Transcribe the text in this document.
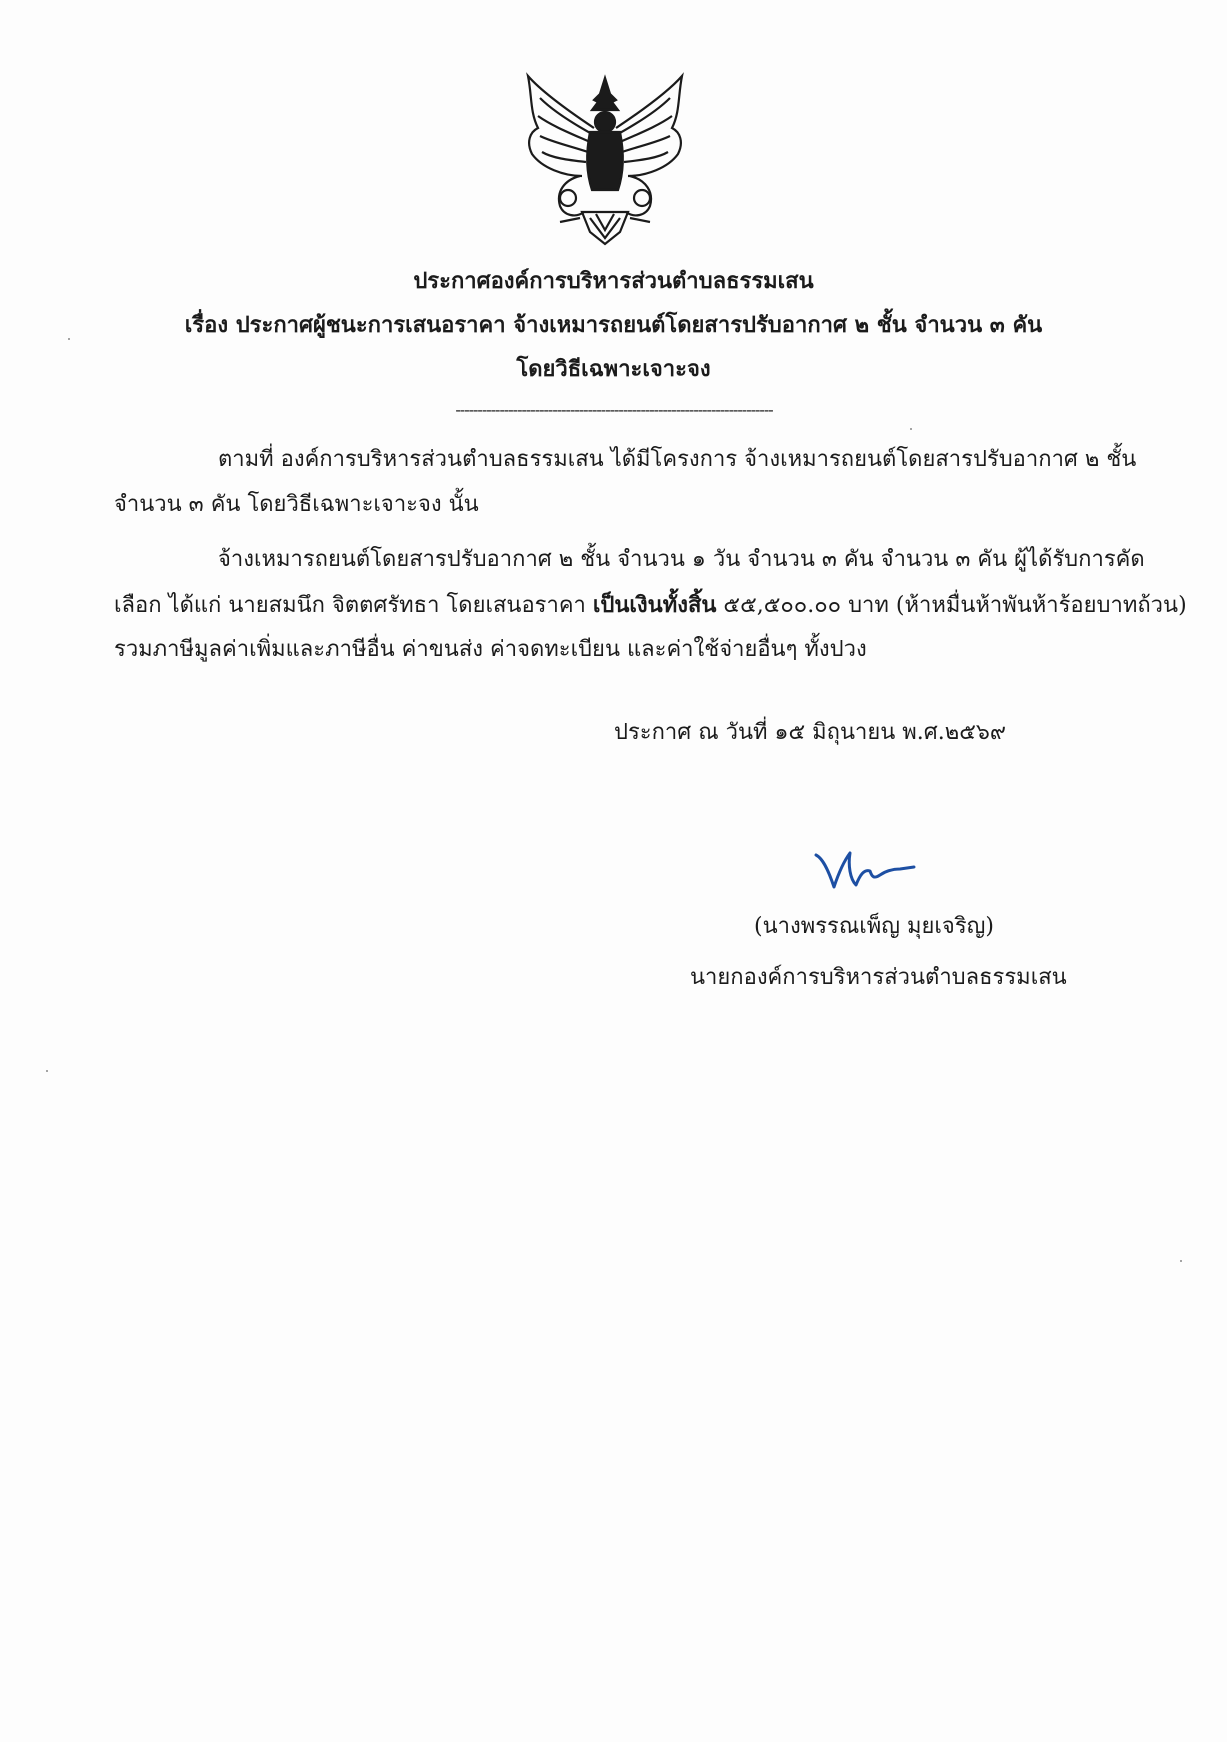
ประกาศองค์การบริหารส่วนตำบลธรรมเสน
เรื่อง ประกาศผู้ชนะการเสนอราคา จ้างเหมารถยนต์โดยสารปรับอากาศ ๒ ชั้น จำนวน ๓ คัน
โดยวิธีเฉพาะเจาะจง
------------------------------------------------------------------------
ตามที่ องค์การบริหารส่วนตำบลธรรมเสน ได้มีโครงการ จ้างเหมารถยนต์โดยสารปรับอากาศ ๒ ชั้น
จำนวน ๓ คัน โดยวิธีเฉพาะเจาะจง นั้น
จ้างเหมารถยนต์โดยสารปรับอากาศ ๒ ชั้น จำนวน ๑ วัน จำนวน ๓ คัน จำนวน ๓ คัน ผู้ได้รับการคัด
เลือก ได้แก่ นายสมนึก จิตตศรัทธา โดยเสนอราคา เป็นเงินทั้งสิ้น ๕๕,๕๐๐.๐๐ บาท (ห้าหมื่นห้าพันห้าร้อยบาทถ้วน)
รวมภาษีมูลค่าเพิ่มและภาษีอื่น ค่าขนส่ง ค่าจดทะเบียน และค่าใช้จ่ายอื่นๆ ทั้งปวง
ประกาศ ณ วันที่ ๑๕ มิถุนายน พ.ศ.๒๕๖๙
(นางพรรณเพ็ญ มุยเจริญ)
นายกองค์การบริหารส่วนตำบลธรรมเสน
